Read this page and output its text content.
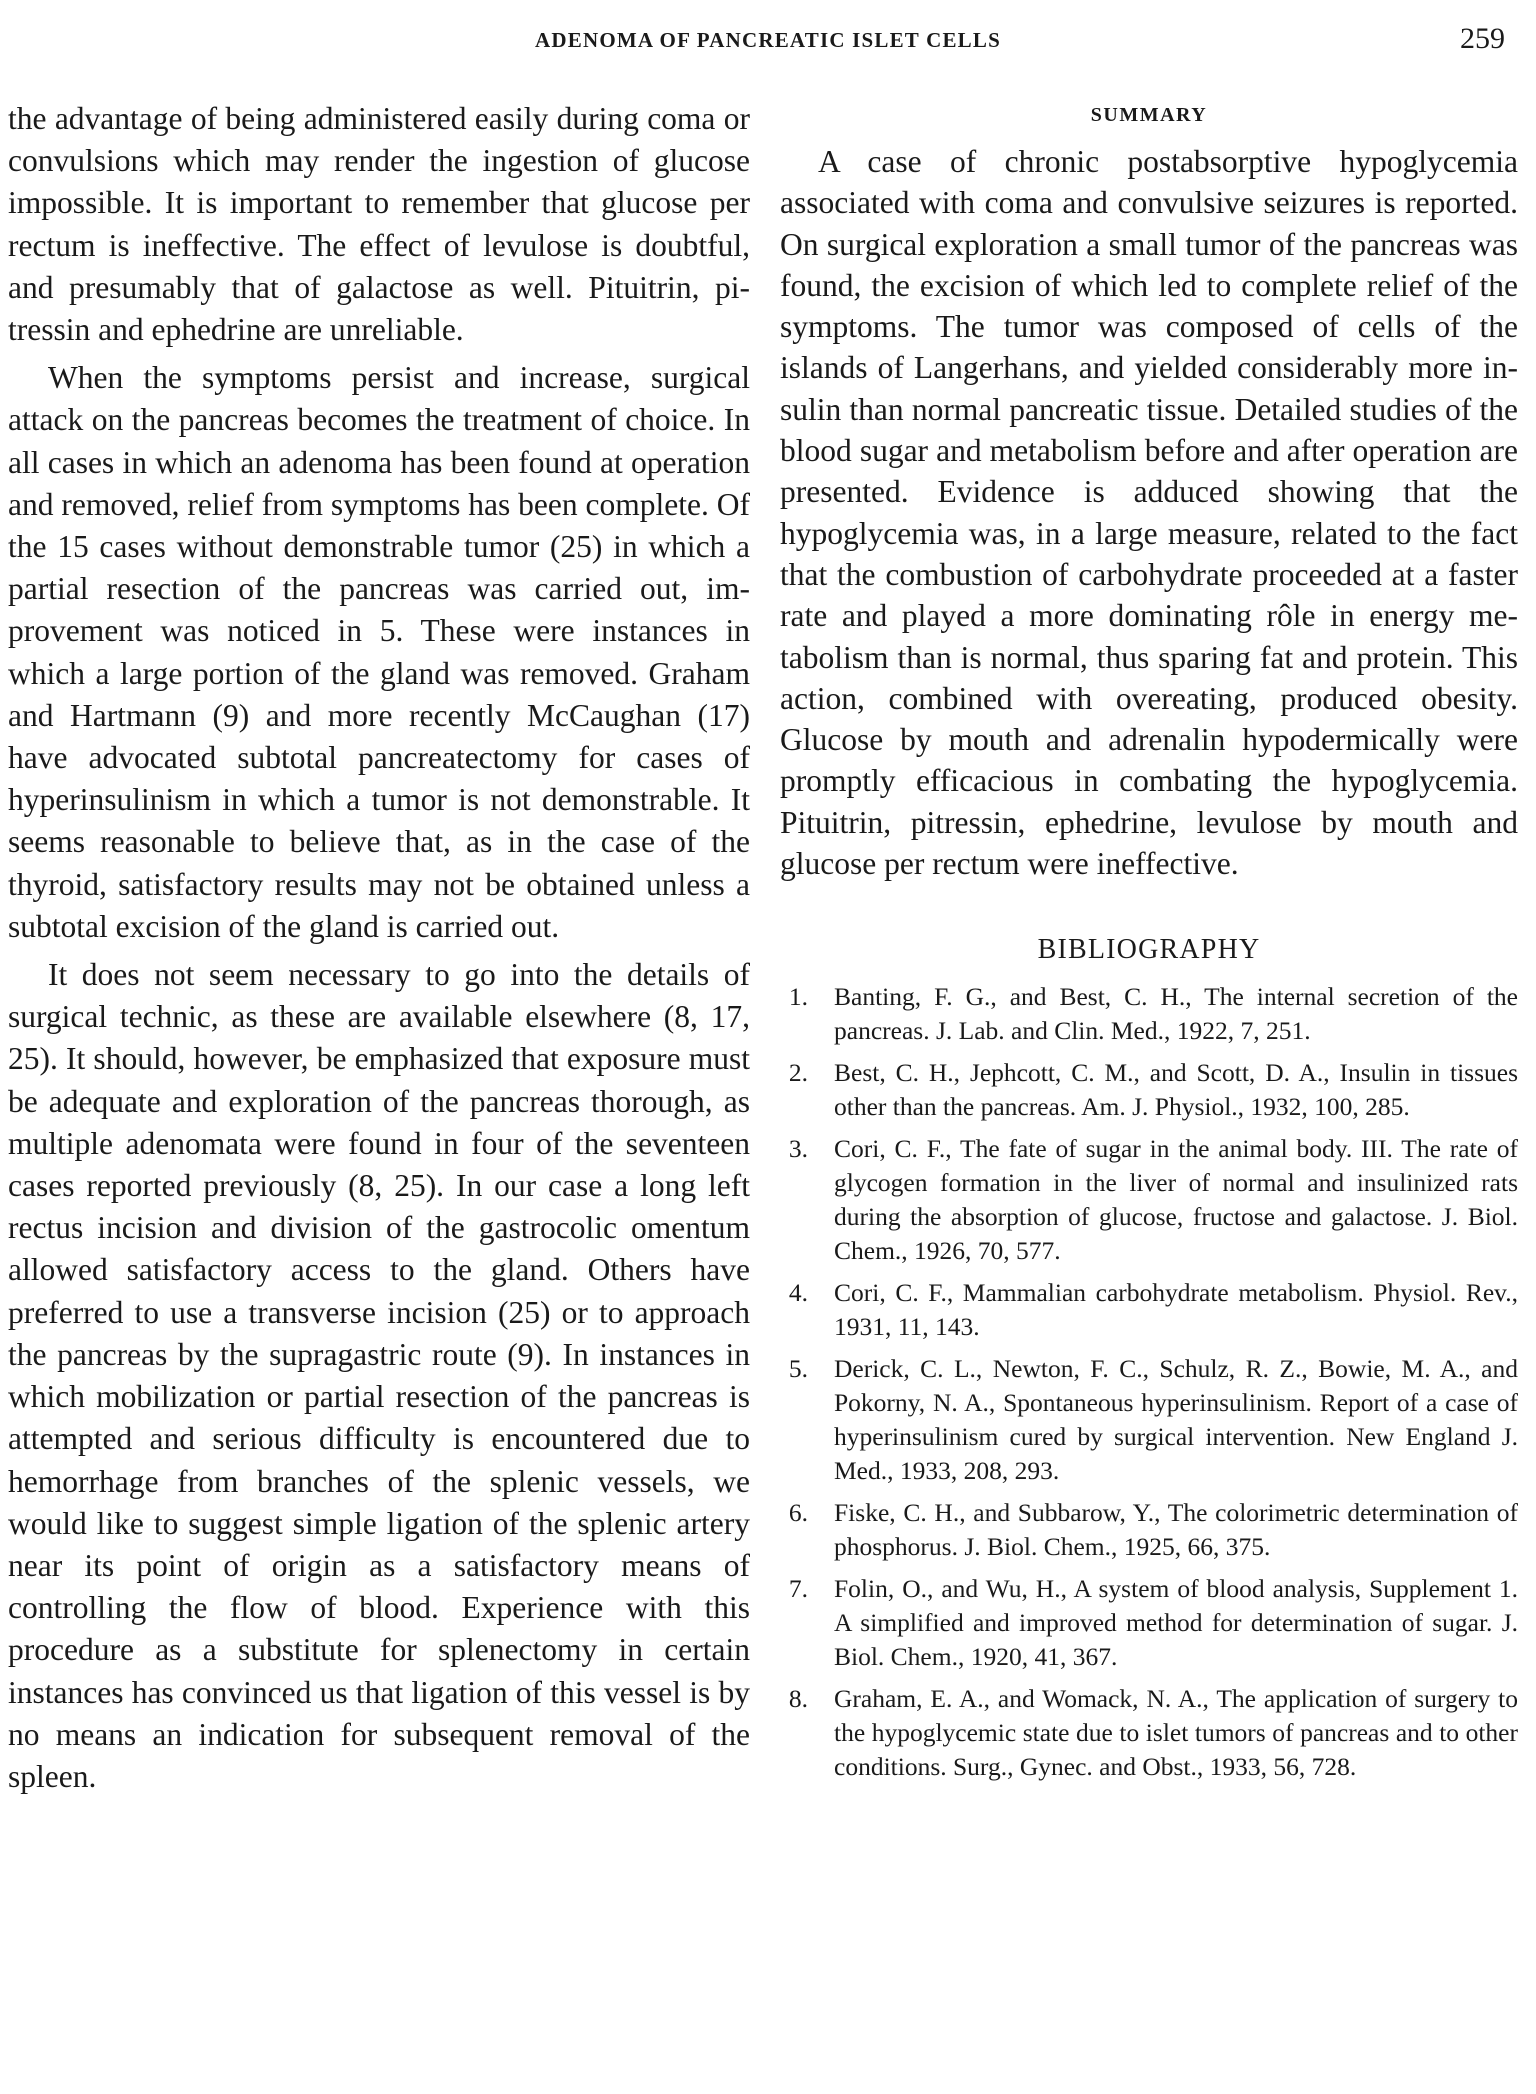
ADENOMA OF PANCREATIC ISLET CELLS	259

the advantage of being administered easily during coma or convulsions which may render the ingestion of glucose impossible. It is important to remember that glucose per rectum is ineffective. The effect of levulose is doubtful, and presumably that of galactose as well. Pituitrin, pitressin and ephedrine are unreliable.

When the symptoms persist and increase, surgical attack on the pancreas becomes the treatment of choice. In all cases in which an adenoma has been found at operation and removed, relief from symptoms has been complete. Of the 15 cases without demonstrable tumor (25) in which a partial resection of the pancreas was carried out, improvement was noticed in 5. These were instances in which a large portion of the gland was removed. Graham and Hartmann (9) and more recently McCaughan (17) have advocated subtotal pancreatectomy for cases of hyperinsulinism in which a tumor is not demonstrable. It seems reasonable to believe that, as in the case of the thyroid, satisfactory results may not be obtained unless a subtotal excision of the gland is carried out.

It does not seem necessary to go into the details of surgical technic, as these are available elsewhere (8, 17, 25). It should, however, be emphasized that exposure must be adequate and exploration of the pancreas thorough, as multiple adenomata were found in four of the seventeen cases reported previously (8, 25). In our case a long left rectus incision and division of the gastrocolic omentum allowed satisfactory access to the gland. Others have preferred to use a transverse incision (25) or to approach the pancreas by the supragastric route (9). In instances in which mobilization or partial resection of the pancreas is attempted and serious difficulty is encountered due to hemorrhage from branches of the splenic vessels, we would like to suggest simple ligation of the splenic artery near its point of origin as a satisfactory means of controlling the flow of blood. Experience with this procedure as a substitute for splenectomy in certain instances has convinced us that ligation of this vessel is by no means an indication for subsequent removal of the spleen.

SUMMARY

A case of chronic postabsorptive hypoglycemia associated with coma and convulsive seizures is reported. On surgical exploration a small tumor of the pancreas was found, the excision of which led to complete relief of the symptoms. The tumor was composed of cells of the islands of Langerhans, and yielded considerably more insulin than normal pancreatic tissue. Detailed studies of the blood sugar and metabolism before and after operation are presented. Evidence is adduced showing that the hypoglycemia was, in a large measure, related to the fact that the combustion of carbohydrate proceeded at a faster rate and played a more dominating rôle in energy metabolism than is normal, thus sparing fat and protein. This action, combined with overeating, produced obesity. Glucose by mouth and adrenalin hypodermically were promptly efficacious in combating the hypoglycemia. Pituitrin, pitressin, ephedrine, levulose by mouth and glucose per rectum were ineffective.

BIBLIOGRAPHY
1 . Banting, F. G., and Best, C. H., The internal secretion of the pancreas. J. Lab. and Clin. Med., 1922, 7, 251.
2 . Best, C. H., Jephcott, C. M., and Scott, D. A., Insulin in tissues other than the pancreas. Am. J. Physiol., 1932, 100, 285.
3 . Cori, C. F., The fate of sugar in the animal body. III. The rate of glycogen formation in the liver of normal and insulinized rats during the absorption of glucose, fructose and galactose. J. Biol. Chem., 1926, 70, 577.
4 . Cori, C. F., Mammalian carbohydrate metabolism. Physiol. Rev., 1931, 11, 143.
5 . Derick, C. L., Newton, F. C., Schulz, R. Z., Bowie, M. A., and Pokorny, N. A., Spontaneous hyperinsulinism. Report of a case of hyperinsulinism cured by surgical intervention. New England J. Med., 1933, 208, 293.
6 . Fiske, C. H., and Subbarow, Y., The colorimetric determination of phosphorus. J. Biol. Chem., 1925, 66, 375.
7 . Folin, O., and Wu, H., A system of blood analysis, Supplement 1. A simplified and improved method for determination of sugar. J. Biol. Chem., 1920, 41, 367.
8 . Graham, E. A., and Womack, N. A., The application of surgery to the hypoglycemic state due to islet tumors of pancreas and to other conditions. Surg., Gynec. and Obst., 1933, 56, 728.
